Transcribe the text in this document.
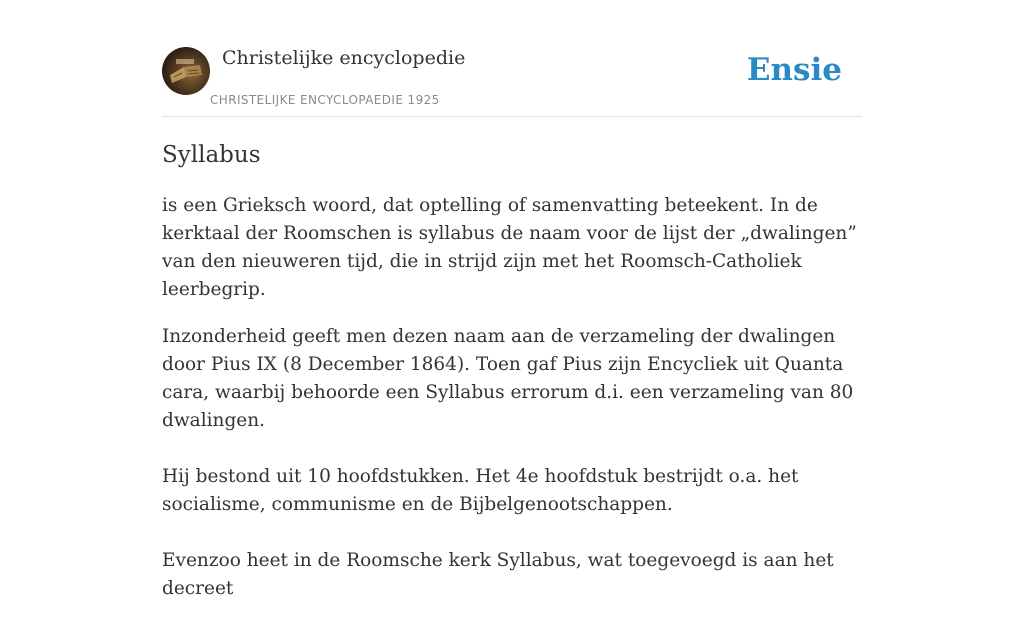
Christelijke encyclopedie
CHRISTELIJKE ENCYCLOPAEDIE 1925
Ensie
Syllabus

is een Grieksch woord, dat optelling of samenvatting beteekent. In de kerktaal der Roomschen is syllabus de naam voor de lijst der „dwalingen” van den nieuweren tijd, die in strijd zijn met het Roomsch-Catholiek leerbegrip.

Inzonderheid geeft men dezen naam aan de verzameling der dwalingen door Pius IX (8 December 1864). Toen gaf Pius zijn Encycliek uit Quanta cara, waarbij behoorde een Syllabus errorum d.i. een verzameling van 80 dwalingen.

Hij bestond uit 10 hoofdstukken. Het 4e hoofdstuk bestrijdt o.a. het socialisme, communisme en de Bijbelgenootschappen.

Evenzoo heet in de Roomsche kerk Syllabus, wat toegevoegd is aan het decreet
